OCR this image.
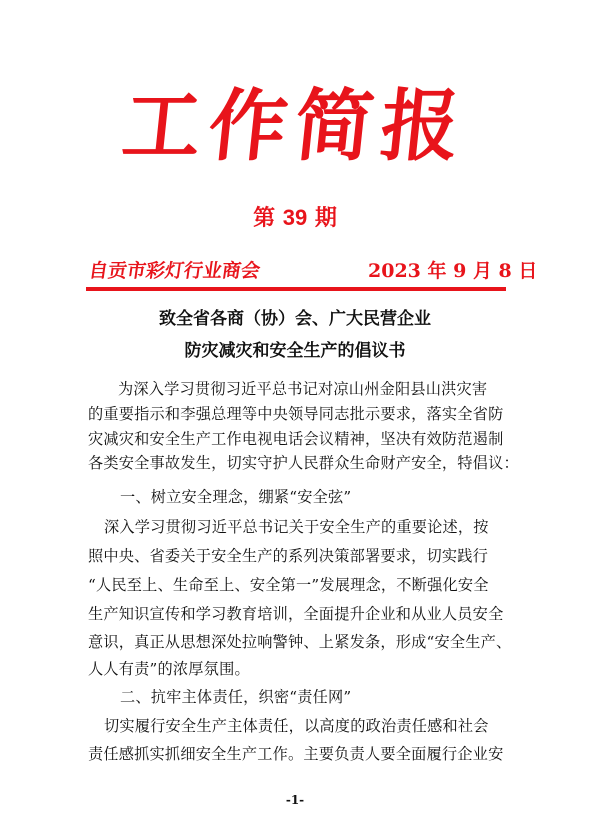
工作简报
第 39 期
自贡市彩灯行业商会	2023 年 9 月 8 日
致全省各商（协）会、广大民营企业
防灾减灾和安全生产的倡议书
为深入学习贯彻习近平总书记对凉山州金阳县山洪灾害
的重要指示和李强总理等中央领导同志批示要求，落实全省防
灾减灾和安全生产工作电视电话会议精神，坚决有效防范遏制
各类安全事故发生，切实守护人民群众生命财产安全，特倡议：
一、树立安全理念，绷紧“安全弦”
深入学习贯彻习近平总书记关于安全生产的重要论述，按
照中央、省委关于安全生产的系列决策部署要求，切实践行
“人民至上、生命至上、安全第一”发展理念，不断强化安全
生产知识宣传和学习教育培训，全面提升企业和从业人员安全
意识，真正从思想深处拉响警钟、上紧发条，形成“安全生产、
人人有责”的浓厚氛围。
二、抗牢主体责任，织密“责任网”
切实履行安全生产主体责任，以高度的政治责任感和社会
责任感抓实抓细安全生产工作。主要负责人要全面履行企业安
-1-
